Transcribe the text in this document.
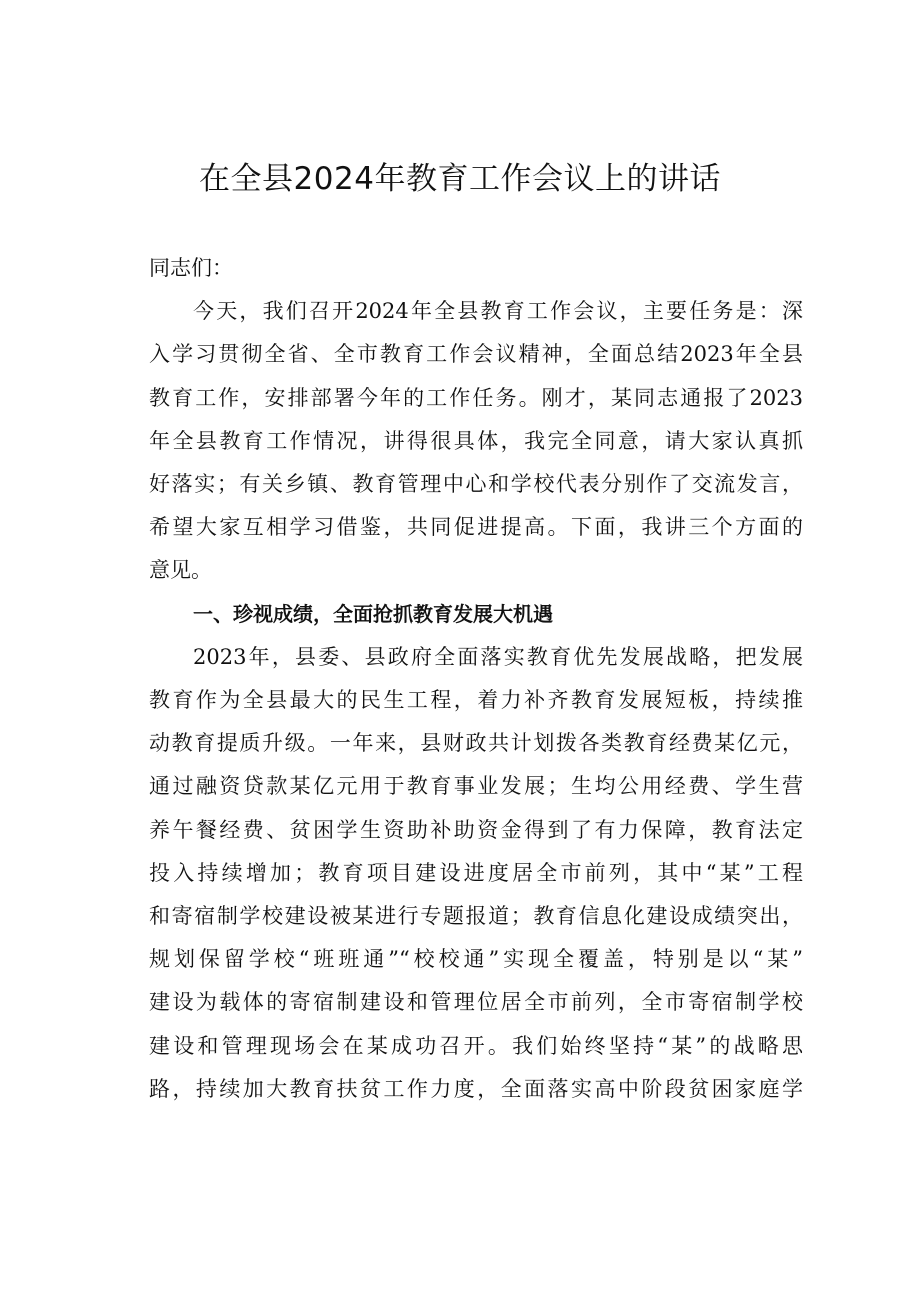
在全县2024年教育工作会议上的讲话
同志们：

今天，我们召开2024年全县教育工作会议，主要任务是：深
入学习贯彻全省、全市教育工作会议精神，全面总结2023年全县
教育工作，安排部署今年的工作任务。刚才，某同志通报了2023
年全县教育工作情况，讲得很具体，我完全同意，请大家认真抓
好落实；有关乡镇、教育管理中心和学校代表分别作了交流发言，
希望大家互相学习借鉴，共同促进提高。下面，我讲三个方面的
意见。

一、珍视成绩，全面抢抓教育发展大机遇

2023年，县委、县政府全面落实教育优先发展战略，把发展
教育作为全县最大的民生工程，着力补齐教育发展短板，持续推
动教育提质升级。一年来，县财政共计划拨各类教育经费某亿元，
通过融资贷款某亿元用于教育事业发展；生均公用经费、学生营
养午餐经费、贫困学生资助补助资金得到了有力保障，教育法定
投入持续增加；教育项目建设进度居全市前列，其中“某”工程
和寄宿制学校建设被某进行专题报道；教育信息化建设成绩突出，
规划保留学校“班班通”“校校通”实现全覆盖，特别是以“某”
建设为载体的寄宿制建设和管理位居全市前列，全市寄宿制学校
建设和管理现场会在某成功召开。我们始终坚持“某”的战略思
路，持续加大教育扶贫工作力度，全面落实高中阶段贫困家庭学
